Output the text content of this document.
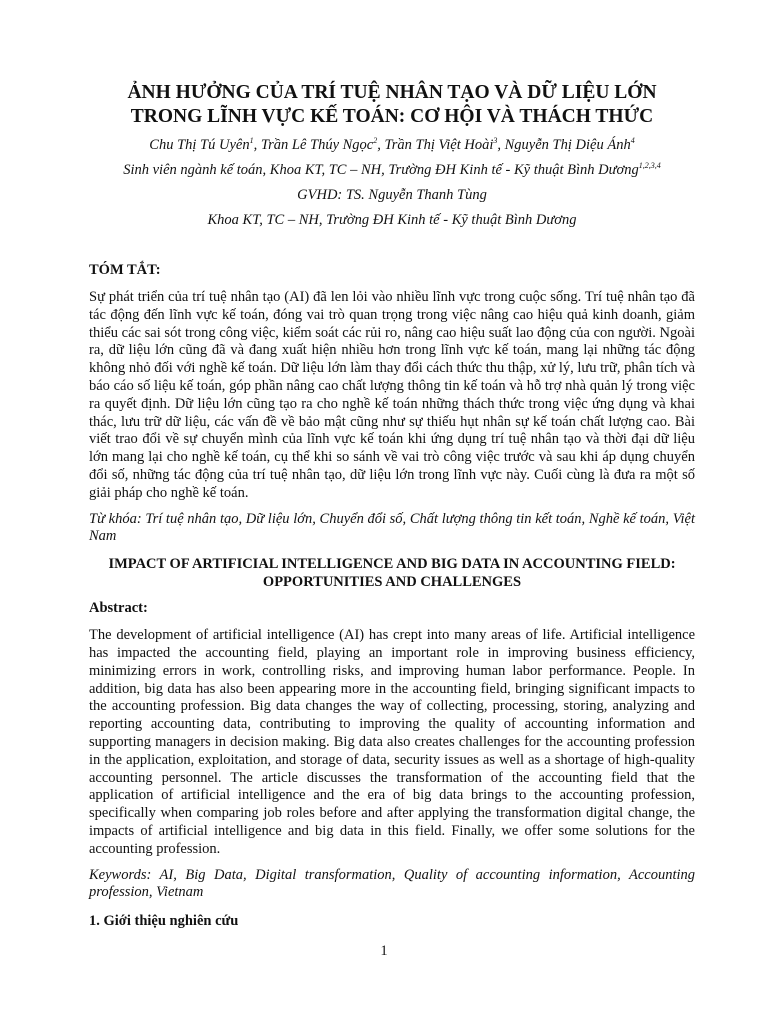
ẢNH HƯỞNG CỦA TRÍ TUỆ NHÂN TẠO VÀ DỮ LIỆU LỚN
TRONG LĨNH VỰC KẾ TOÁN: CƠ HỘI VÀ THÁCH THỨC
Chu Thị Tú Uyên$^1$, Trần Lê Thúy Ngọc$^2$, Trần Thị Việt Hoài$^3$, Nguyễn Thị Diệu Ánh$^4$
Sinh viên ngành kế toán, Khoa KT, TC – NH, Trường ĐH Kinh tế - Kỹ thuật Bình Dương$^{1,2,3,4}$
GVHD: TS. Nguyễn Thanh Tùng
Khoa KT, TC – NH, Trường ĐH Kinh tế - Kỹ thuật Bình Dương
TÓM TẮT:

Sự phát triển của trí tuệ nhân tạo (AI) đã len lỏi vào nhiều lĩnh vực trong cuộc sống. Trí tuệ nhân tạo đã tác động đến lĩnh vực kế toán, đóng vai trò quan trọng trong việc nâng cao hiệu quả kinh doanh, giảm thiểu các sai sót trong công việc, kiểm soát các rủi ro, nâng cao hiệu suất lao động của con người. Ngoài ra, dữ liệu lớn cũng đã và đang xuất hiện nhiều hơn trong lĩnh vực kế toán, mang lại những tác động không nhỏ đối với nghề kế toán. Dữ liệu lớn làm thay đổi cách thức thu thập, xử lý, lưu trữ, phân tích và báo cáo số liệu kế toán, góp phần nâng cao chất lượng thông tin kế toán và hỗ trợ nhà quản lý trong việc ra quyết định. Dữ liệu lớn cũng tạo ra cho nghề kế toán những thách thức trong việc ứng dụng và khai thác, lưu trữ dữ liệu, các vấn đề về bảo mật cũng như sự thiếu hụt nhân sự kế toán chất lượng cao. Bài viết trao đổi về sự chuyển mình của lĩnh vực kế toán khi ứng dụng trí tuệ nhân tạo và thời đại dữ liệu lớn mang lại cho nghề kế toán, cụ thể khi so sánh về vai trò công việc trước và sau khi áp dụng chuyển đổi số, những tác động của trí tuệ nhân tạo, dữ liệu lớn trong lĩnh vực này. Cuối cùng là đưa ra một số giải pháp cho nghề kế toán.

Từ khóa: Trí tuệ nhân tạo, Dữ liệu lớn, Chuyển đổi số, Chất lượng thông tin kết toán, Nghề kế toán, Việt Nam
IMPACT OF ARTIFICIAL INTELLIGENCE AND BIG DATA IN ACCOUNTING FIELD:
OPPORTUNITIES AND CHALLENGES
Abstract:

The development of artificial intelligence (AI) has crept into many areas of life. Artificial intelligence has impacted the accounting field, playing an important role in improving business efficiency, minimizing errors in work, controlling risks, and improving human labor performance. People. In addition, big data has also been appearing more in the accounting field, bringing significant impacts to the accounting profession. Big data changes the way of collecting, processing, storing, analyzing and reporting accounting data, contributing to improving the quality of accounting information and supporting managers in decision making. Big data also creates challenges for the accounting profession in the application, exploitation, and storage of data, security issues as well as a shortage of high-quality accounting personnel. The article discusses the transformation of the accounting field that the application of artificial intelligence and the era of big data brings to the accounting profession, specifically when comparing job roles before and after applying the transformation digital change, the impacts of artificial intelligence and big data in this field. Finally, we offer some solutions for the accounting profession.

Keywords: AI, Big Data, Digital transformation, Quality of accounting information, Accounting profession, Vietnam
1. Giới thiệu nghiên cứu
1
